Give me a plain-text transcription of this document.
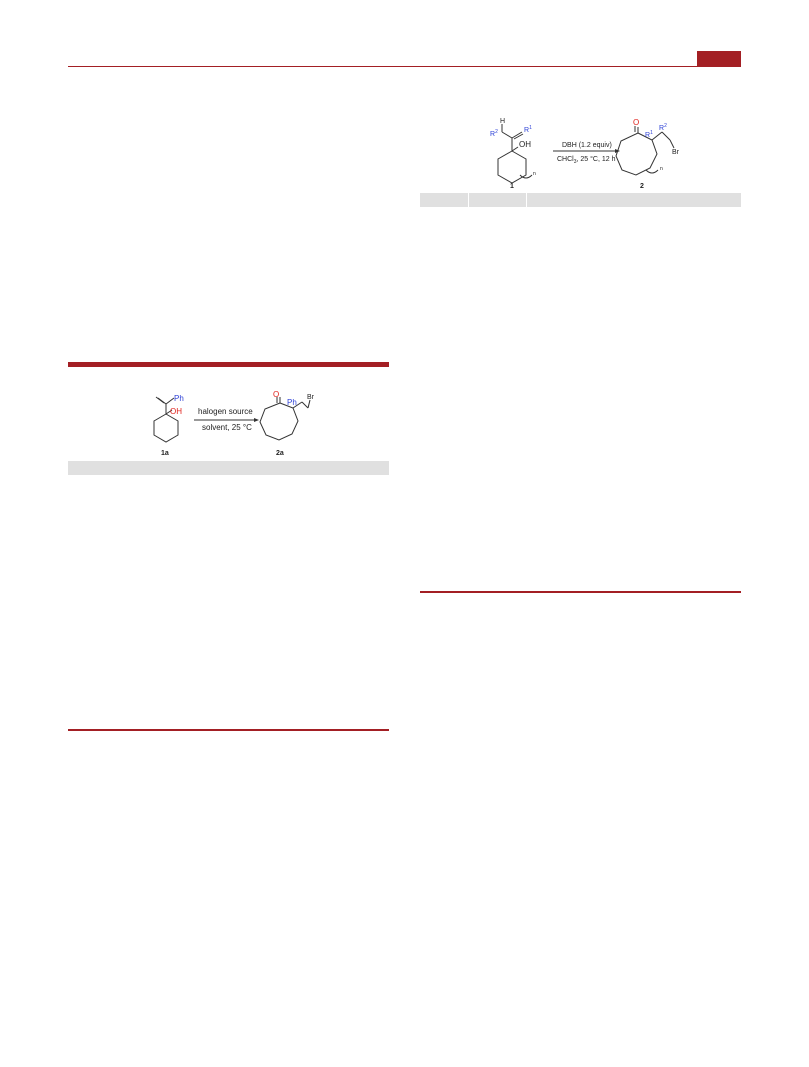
H
$R^2$	$R^1$
OH
n
1
DBH (1.2 equiv)
CHCl$_3$, 25 °C, 12 h
O
$R^1$
$R^2$
Br
n
2
Ph
OH
1a
halogen source
solvent, 25 °C
O
Ph
Br
2a
